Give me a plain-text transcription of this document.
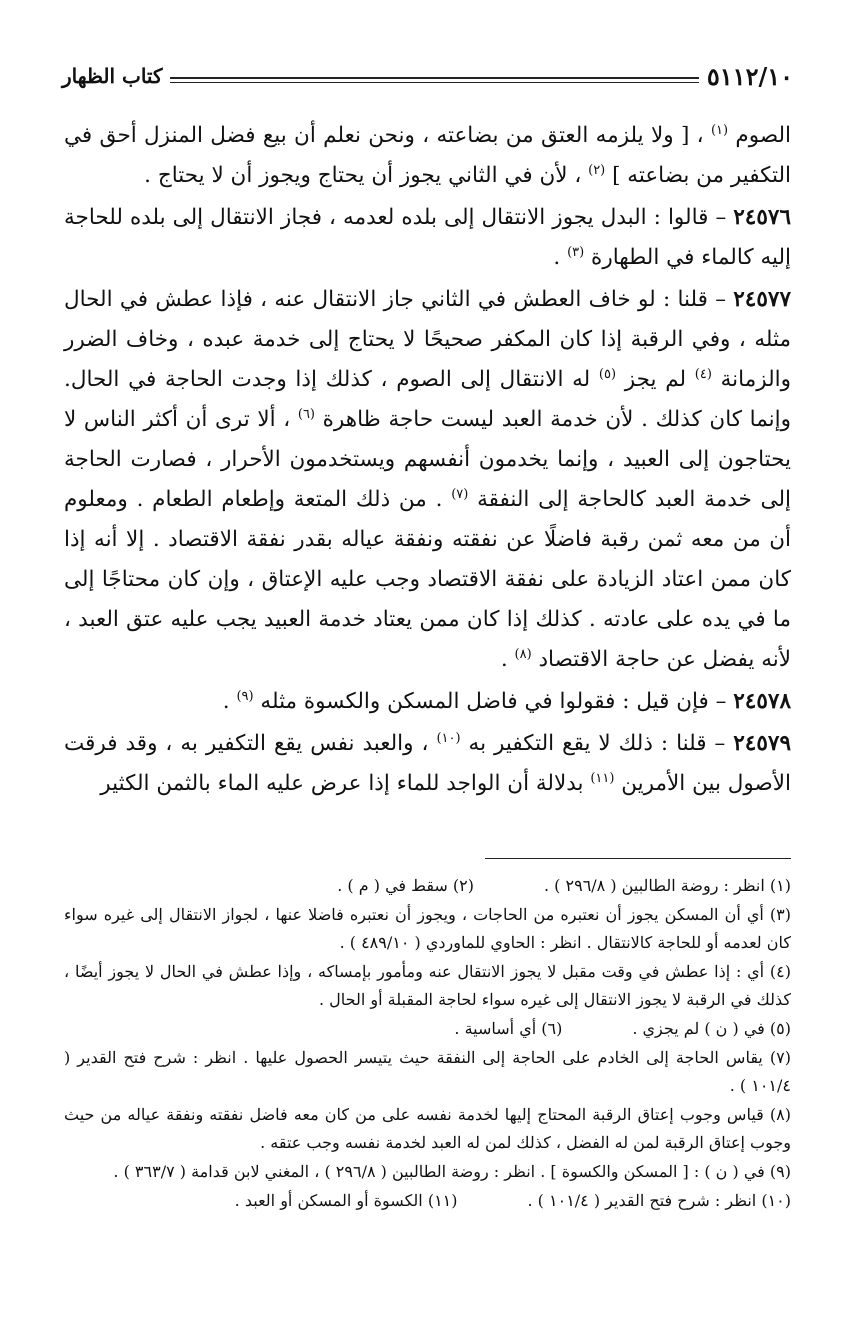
٥١١٢/١٠
كتاب الظهار

الصوم $^{(١)}$ ، [ ولا يلزمه العتق من بضاعته ، ونحن نعلم أن بيع فضل المنزل أحق في التكفير من بضاعته ] $^{(٢)}$ ، لأن في الثاني يجوز أن يحتاج ويجوز أن لا يحتاج .

٢٤٥٧٦ – قالوا : البدل يجوز الانتقال إلى بلده لعدمه ، فجاز الانتقال إلى بلده للحاجة إليه كالماء في الطهارة $^{(٣)}$ .

٢٤٥٧٧ – قلنا : لو خاف العطش في الثاني جاز الانتقال عنه ، فإذا عطش في الحال مثله ، وفي الرقبة إذا كان المكفر صحيحًا لا يحتاج إلى خدمة عبده ، وخاف الضرر والزمانة $^{(٤)}$ لم يجز $^{(٥)}$ له الانتقال إلى الصوم ، كذلك إذا وجدت الحاجة في الحال. وإنما كان كذلك . لأن خدمة العبد ليست حاجة ظاهرة $^{(٦)}$ ، ألا ترى أن أكثر الناس لا يحتاجون إلى العبيد ، وإنما يخدمون أنفسهم ويستخدمون الأحرار ، فصارت الحاجة إلى خدمة العبد كالحاجة إلى النفقة $^{(٧)}$ . من ذلك المتعة وإطعام الطعام . ومعلوم أن من معه ثمن رقبة فاضلًا عن نفقته ونفقة عياله بقدر نفقة الاقتصاد . إلا أنه إذا كان ممن اعتاد الزيادة على نفقة الاقتصاد وجب عليه الإعتاق ، وإن كان محتاجًا إلى ما في يده على عادته . كذلك إذا كان ممن يعتاد خدمة العبيد يجب عليه عتق العبد ، لأنه يفضل عن حاجة الاقتصاد $^{(٨)}$ .

٢٤٥٧٨ – فإن قيل : فقولوا في فاضل المسكن والكسوة مثله $^{(٩)}$ .

٢٤٥٧٩ – قلنا : ذلك لا يقع التكفير به $^{(١٠)}$ ، والعبد نفس يقع التكفير به ، وقد فرقت الأصول بين الأمرين $^{(١١)}$ بدلالة أن الواجد للماء إذا عرض عليه الماء بالثمن الكثير

(١) انظر : روضة الطالبين ( ٢٩٦/٨ ) .
(٢) سقط في ( م ) .

(٣) أي أن المسكن يجوز أن نعتبره من الحاجات ، ويجوز أن نعتبره فاضلا عنها ، لجواز الانتقال إلى غيره سواء كان لعدمه أو للحاجة كالانتقال . انظر : الحاوي للماوردي ( ٤٨٩/١٠ ) .

(٤) أي : إذا عطش في وقت مقبل لا يجوز الانتقال عنه ومأمور بإمساكه ، وإذا عطش في الحال لا يجوز أيضًا ، كذلك في الرقبة لا يجوز الانتقال إلى غيره سواء لحاجة المقبلة أو الحال .

(٥) في ( ن ) لم يجزي .
(٦) أي أساسية .

(٧) يقاس الحاجة إلى الخادم على الحاجة إلى النفقة حيث يتيسر الحصول عليها . انظر : شرح فتح القدير ( ١٠١/٤ ) .

(٨) قياس وجوب إعتاق الرقبة المحتاج إليها لخدمة نفسه على من كان معه فاضل نفقته ونفقة عياله من حيث وجوب إعتاق الرقبة لمن له الفضل ، كذلك لمن له العبد لخدمة نفسه وجب عتقه .

(٩) في ( ن ) : [ المسكن والكسوة ] . انظر : روضة الطالبين ( ٢٩٦/٨ ) ، المغني لابن قدامة ( ٣٦٣/٧ ) .

(١٠) انظر : شرح فتح القدير ( ١٠١/٤ ) .
(١١) الكسوة أو المسكن أو العبد .
